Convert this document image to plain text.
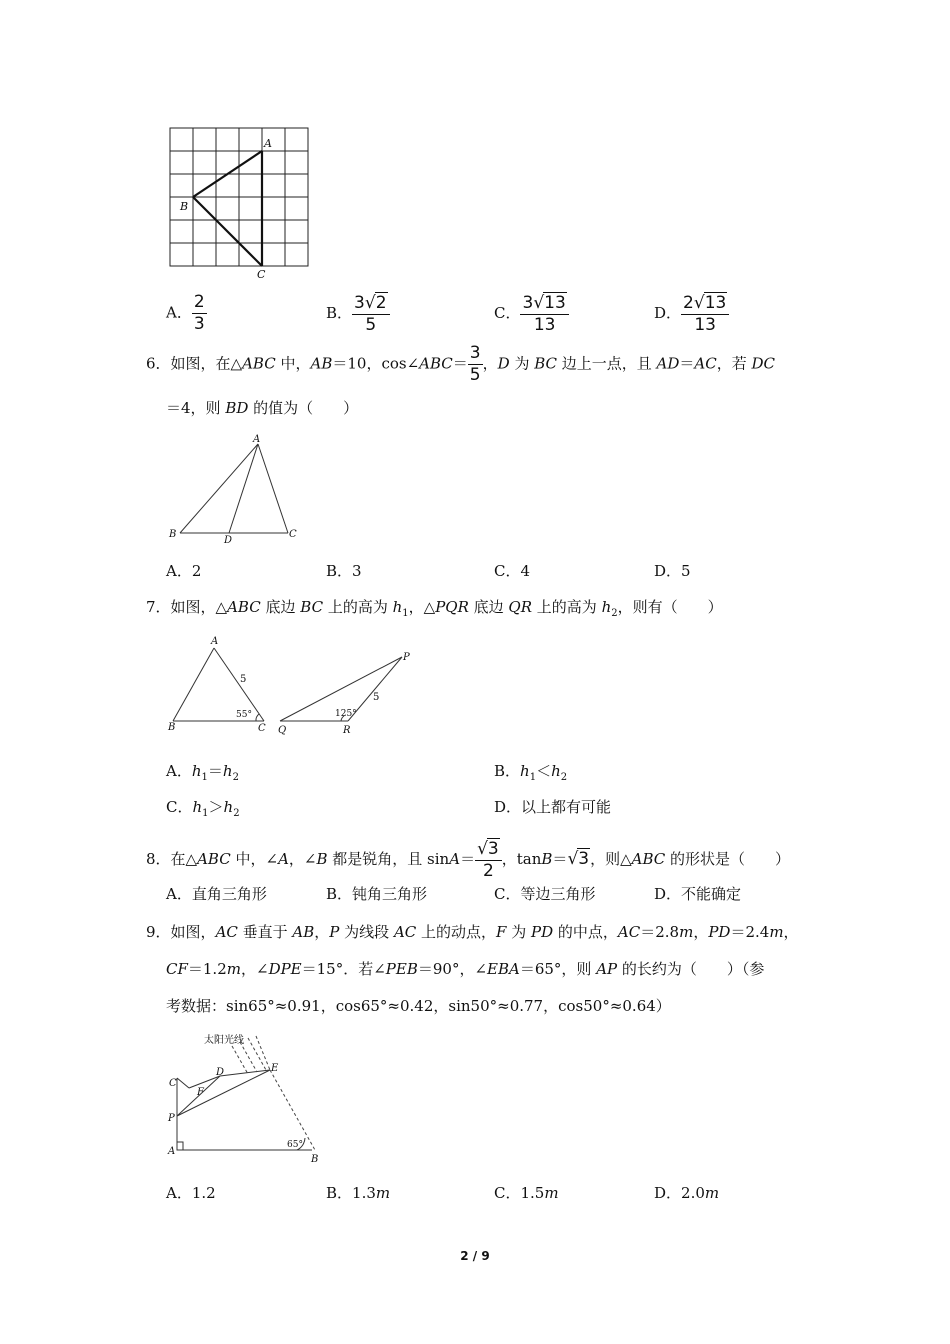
A
B
C
A． $\frac{2}{3}$	B． $\frac{3√2}{5}$	C． $\frac{3√13}{13}$	D． $\frac{2√13}{13}$
6．如图，在△ABC 中，AB＝10，cos∠ABC＝ $\frac{3}{5}$ ，D 为 BC 边上一点，且 AD＝AC，若 DC
＝4，则 BD 的值为（　　）
A
B
D
C
A．2	B．3	C．4	D．5
7．如图，△ABC 底边 BC 上的高为 $h_1$，△PQR 底边 QR 上的高为 $h_2$，则有（　　）
A
B	C
5
55°
P
Q	R
5
125°
A．$h_1=h_2$	B．$h_1<h_2$
C．$h_1>h_2$	D．以上都有可能
8．在△ABC 中，∠A，∠B 都是锐角，且 $\sin A= \frac{√3}{2}$ ，tanB＝√3，则△ABC 的形状是（　　）
A．直角三角形	B．钝角三角形	C．等边三角形	D．不能确定
9．如图，AC 垂直于 AB，P 为线段 AC 上的动点，F 为 PD 的中点，AC＝2.8m，PD＝2.4m，
CF＝1.2m，∠DPE＝15°．若∠PEB＝90°，∠EBA＝65°，则 AP 的长约为（　　）（参
考数据：sin65°≈0.91，cos65°≈0.42，sin50°≈0.77，cos50°≈0.64）
太阳光线
C
F
D	E
P
A
B
65°
A．1.2	B．1.3m	C．1.5m	D．2.0m
2 / 9
